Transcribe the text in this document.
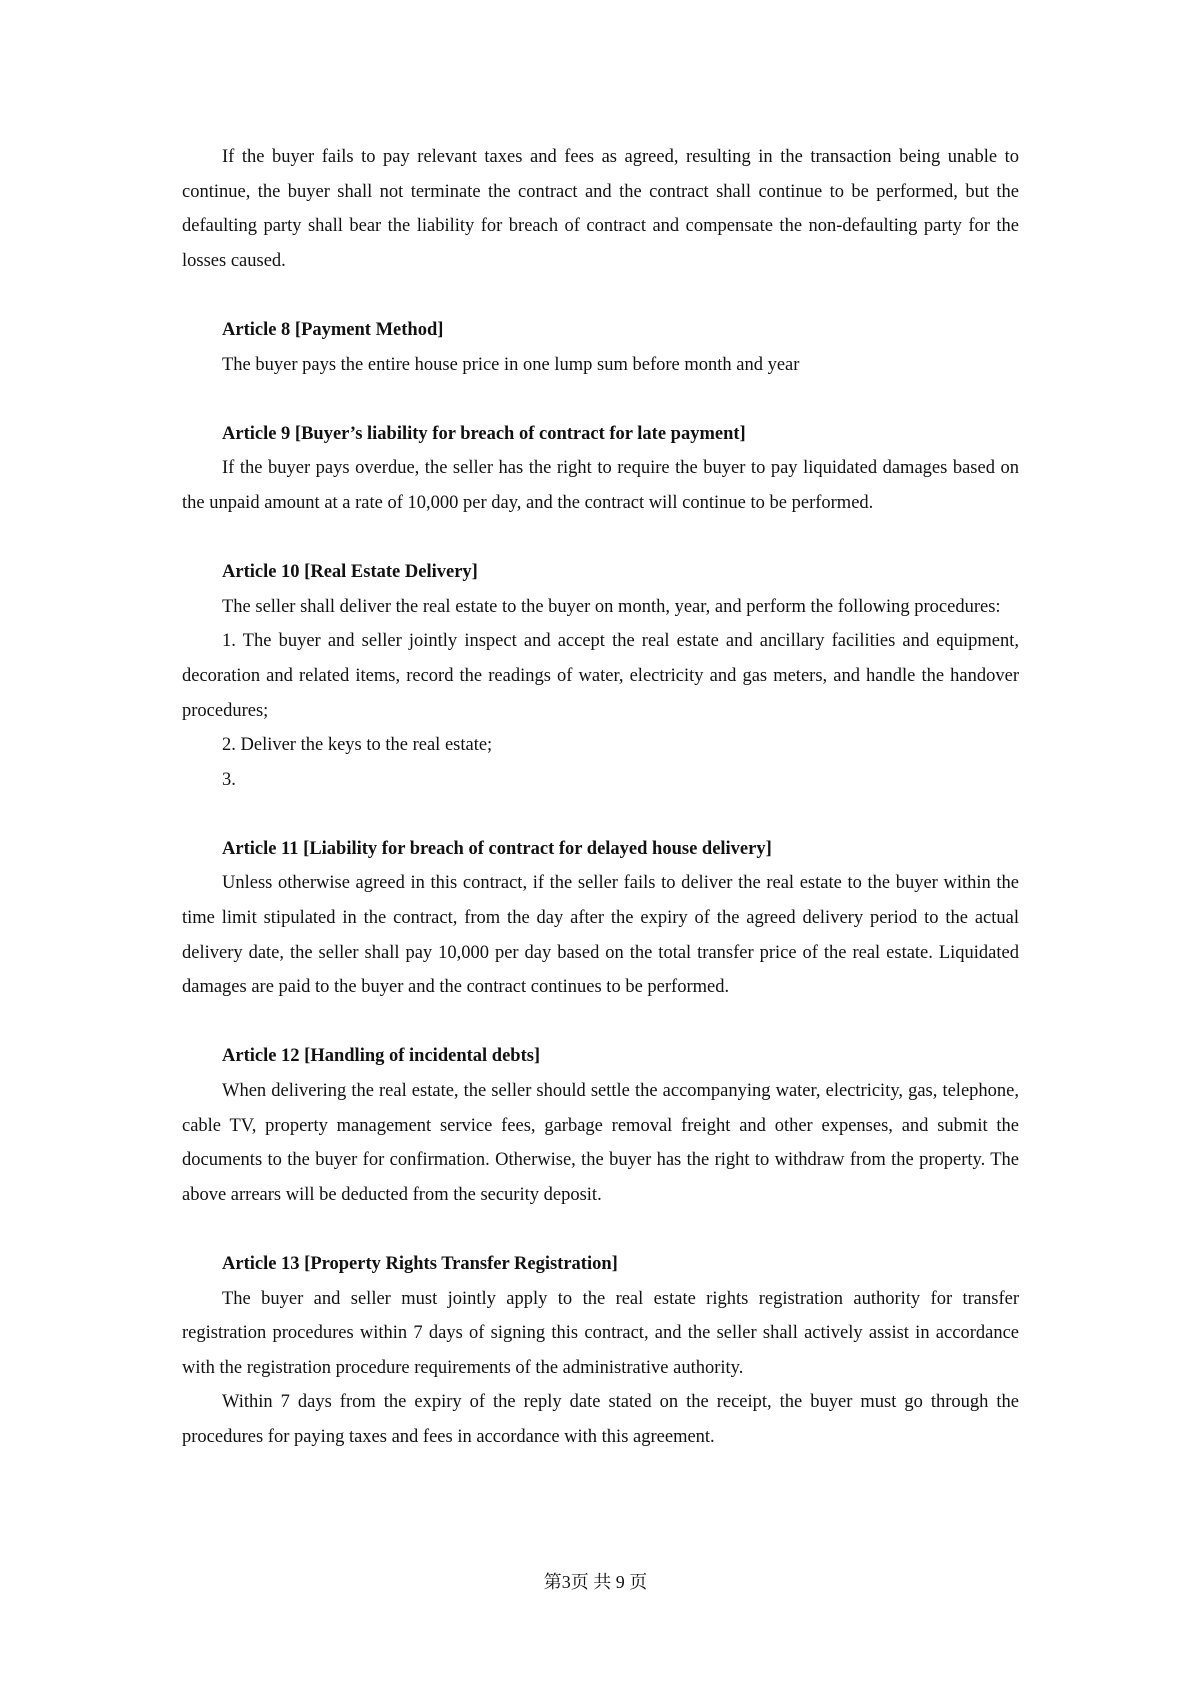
If the buyer fails to pay relevant taxes and fees as agreed, resulting in the transaction being unable to continue, the buyer shall not terminate the contract and the contract shall continue to be performed, but the defaulting party shall bear the liability for breach of contract and compensate the non-defaulting party for the losses caused.

Article 8 [Payment Method]

The buyer pays the entire house price in one lump sum before month and year

Article 9 [Buyer’s liability for breach of contract for late payment]

If the buyer pays overdue, the seller has the right to require the buyer to pay liquidated damages based on the unpaid amount at a rate of 10,000 per day, and the contract will continue to be performed.

Article 10 [Real Estate Delivery]

The seller shall deliver the real estate to the buyer on month, year, and perform the following procedures:

1. The buyer and seller jointly inspect and accept the real estate and ancillary facilities and equipment, decoration and related items, record the readings of water, electricity and gas meters, and handle the handover procedures;

2. Deliver the keys to the real estate;

3.

Article 11 [Liability for breach of contract for delayed house delivery]

Unless otherwise agreed in this contract, if the seller fails to deliver the real estate to the buyer within the time limit stipulated in the contract, from the day after the expiry of the agreed delivery period to the actual delivery date, the seller shall pay 10,000 per day based on the total transfer price of the real estate. Liquidated damages are paid to the buyer and the contract continues to be performed.

Article 12 [Handling of incidental debts]

When delivering the real estate, the seller should settle the accompanying water, electricity, gas, telephone, cable TV, property management service fees, garbage removal freight and other expenses, and submit the documents to the buyer for confirmation. Otherwise, the buyer has the right to withdraw from the property. The above arrears will be deducted from the security deposit.

Article 13 [Property Rights Transfer Registration]

The buyer and seller must jointly apply to the real estate rights registration authority for transfer registration procedures within 7 days of signing this contract, and the seller shall actively assist in accordance with the registration procedure requirements of the administrative authority.

Within 7 days from the expiry of the reply date stated on the receipt, the buyer must go through the procedures for paying taxes and fees in accordance with this agreement.

第3页 共 9 页
